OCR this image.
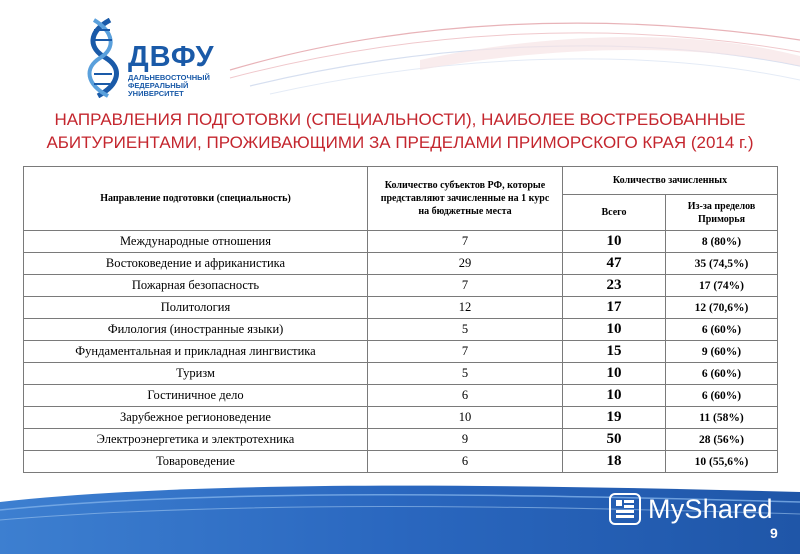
ДВФУ
ДАЛЬНЕВОСТОЧНЫЙ
ФЕДЕРАЛЬНЫЙ
УНИВЕРСИТЕТ
НАПРАВЛЕНИЯ ПОДГОТОВКИ (СПЕЦИАЛЬНОСТИ), НАИБОЛЕЕ ВОСТРЕБОВАННЫЕ
АБИТУРИЕНТАМИ, ПРОЖИВАЮЩИМИ ЗА ПРЕДЕЛАМИ ПРИМОРСКОГО КРАЯ (2014 г.)
Направление подготовки (специальность)	Количество субъектов РФ, которые представляют зачисленные на 1 курс на бюджетные места	Количество зачисленных	
		Всего	Из-за пределов Приморья
Международные отношения	7	10	8 (80%)
Востоковедение и африканистика	29	47	35 (74,5%)
Пожарная безопасность	7	23	17 (74%)
Политология	12	17	12 (70,6%)
Филология (иностранные языки)	5	10	6 (60%)
Фундаментальная и прикладная лингвистика	7	15	9 (60%)
Туризм	5	10	6 (60%)
Гостиничное дело	6	10	6 (60%)
Зарубежное регионоведение	10	19	11 (58%)
Электроэнергетика и электротехника	9	50	28 (56%)
Товароведение	6	18	10 (55,6%)
MyShared
9
